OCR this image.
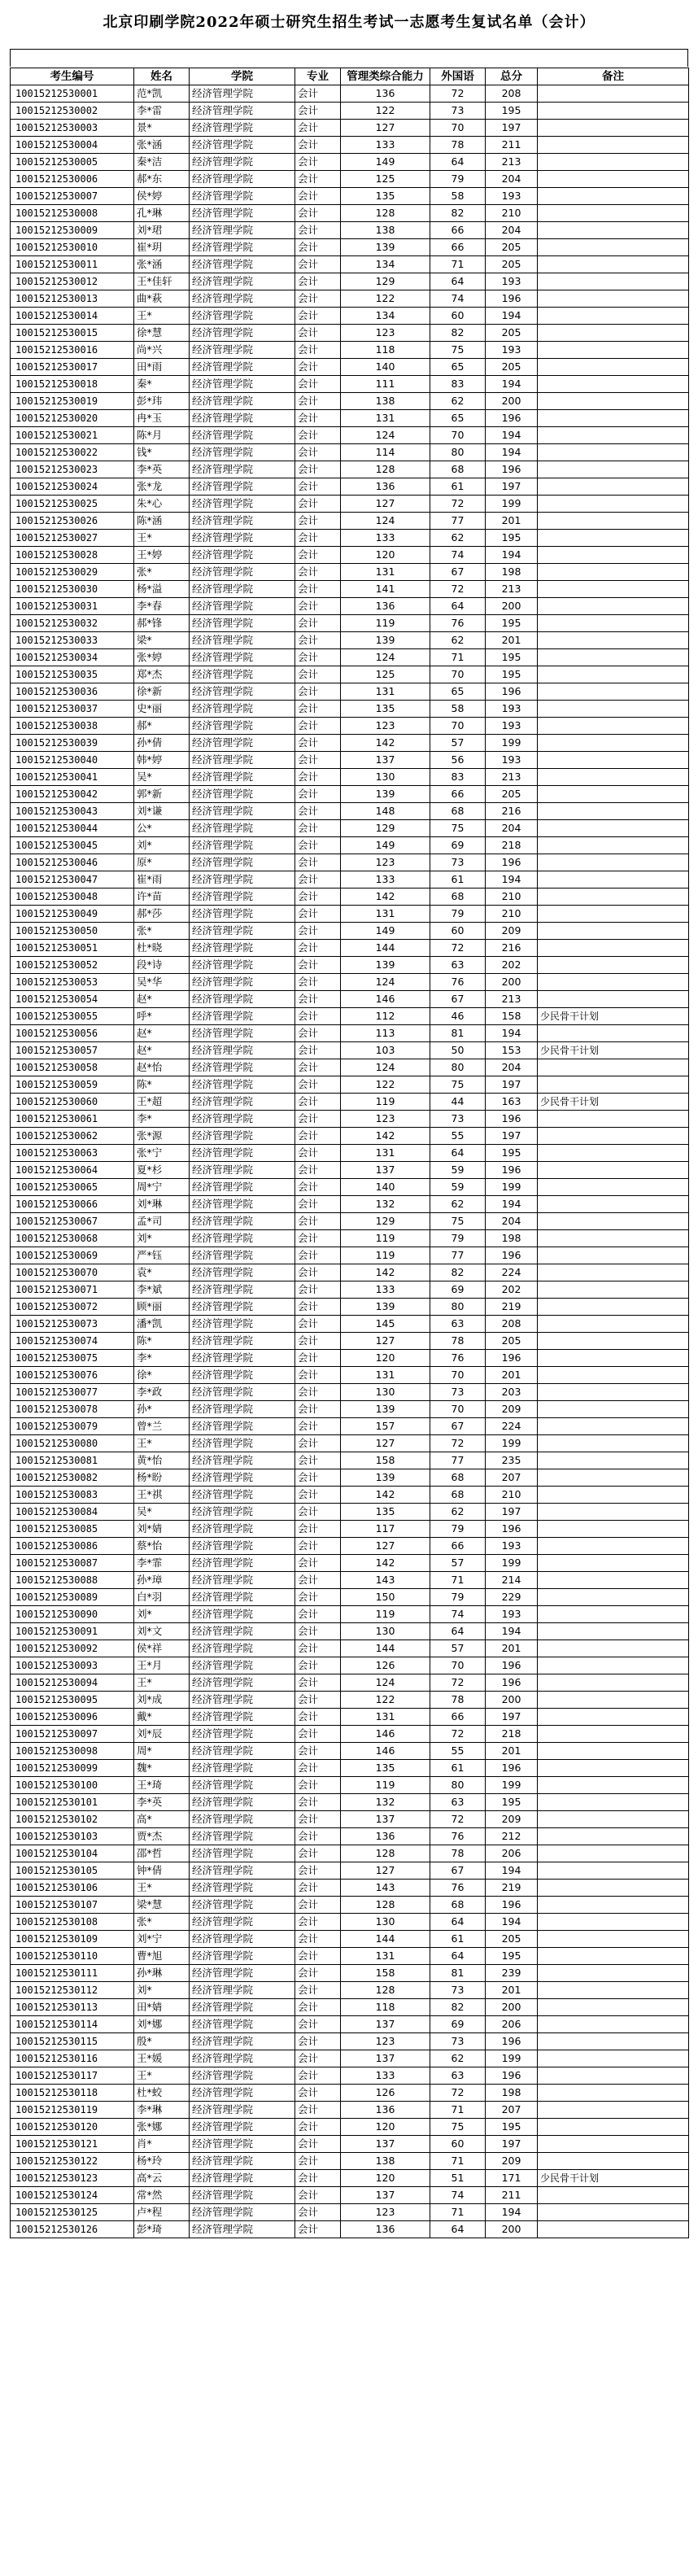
北京印刷学院2022年硕士研究生招生考试一志愿考生复试名单（会计）
考生编号	姓名	学院	专业	管理类综合能力	外国语	总分	备注
10015212530001	范*凯	经济管理学院	会计	136	72	208	
10015212530002	李*雷	经济管理学院	会计	122	73	195	
10015212530003	景*	经济管理学院	会计	127	70	197	
10015212530004	张*涵	经济管理学院	会计	133	78	211	
10015212530005	秦*洁	经济管理学院	会计	149	64	213	
10015212530006	郝*东	经济管理学院	会计	125	79	204	
10015212530007	侯*婷	经济管理学院	会计	135	58	193	
10015212530008	孔*琳	经济管理学院	会计	128	82	210	
10015212530009	刘*珺	经济管理学院	会计	138	66	204	
10015212530010	崔*玥	经济管理学院	会计	139	66	205	
10015212530011	张*涵	经济管理学院	会计	134	71	205	
10015212530012	王*佳轩	经济管理学院	会计	129	64	193	
10015212530013	曲*萩	经济管理学院	会计	122	74	196	
10015212530014	王*	经济管理学院	会计	134	60	194	
10015212530015	徐*慧	经济管理学院	会计	123	82	205	
10015212530016	尚*兴	经济管理学院	会计	118	75	193	
10015212530017	田*雨	经济管理学院	会计	140	65	205	
10015212530018	秦*	经济管理学院	会计	111	83	194	
10015212530019	彭*玮	经济管理学院	会计	138	62	200	
10015212530020	冉*玉	经济管理学院	会计	131	65	196	
10015212530021	陈*月	经济管理学院	会计	124	70	194	
10015212530022	钱*	经济管理学院	会计	114	80	194	
10015212530023	李*英	经济管理学院	会计	128	68	196	
10015212530024	张*龙	经济管理学院	会计	136	61	197	
10015212530025	朱*心	经济管理学院	会计	127	72	199	
10015212530026	陈*涵	经济管理学院	会计	124	77	201	
10015212530027	王*	经济管理学院	会计	133	62	195	
10015212530028	王*婷	经济管理学院	会计	120	74	194	
10015212530029	张*	经济管理学院	会计	131	67	198	
10015212530030	杨*溢	经济管理学院	会计	141	72	213	
10015212530031	李*春	经济管理学院	会计	136	64	200	
10015212530032	郝*锋	经济管理学院	会计	119	76	195	
10015212530033	梁*	经济管理学院	会计	139	62	201	
10015212530034	张*婷	经济管理学院	会计	124	71	195	
10015212530035	郑*杰	经济管理学院	会计	125	70	195	
10015212530036	徐*新	经济管理学院	会计	131	65	196	
10015212530037	史*丽	经济管理学院	会计	135	58	193	
10015212530038	郝*	经济管理学院	会计	123	70	193	
10015212530039	孙*倩	经济管理学院	会计	142	57	199	
10015212530040	韩*婷	经济管理学院	会计	137	56	193	
10015212530041	吴*	经济管理学院	会计	130	83	213	
10015212530042	郭*新	经济管理学院	会计	139	66	205	
10015212530043	刘*谦	经济管理学院	会计	148	68	216	
10015212530044	公*	经济管理学院	会计	129	75	204	
10015212530045	刘*	经济管理学院	会计	149	69	218	
10015212530046	原*	经济管理学院	会计	123	73	196	
10015212530047	崔*雨	经济管理学院	会计	133	61	194	
10015212530048	许*苗	经济管理学院	会计	142	68	210	
10015212530049	郝*莎	经济管理学院	会计	131	79	210	
10015212530050	张*	经济管理学院	会计	149	60	209	
10015212530051	杜*晓	经济管理学院	会计	144	72	216	
10015212530052	段*诗	经济管理学院	会计	139	63	202	
10015212530053	吴*华	经济管理学院	会计	124	76	200	
10015212530054	赵*	经济管理学院	会计	146	67	213	
10015212530055	呼*	经济管理学院	会计	112	46	158	少民骨干计划
10015212530056	赵*	经济管理学院	会计	113	81	194	
10015212530057	赵*	经济管理学院	会计	103	50	153	少民骨干计划
10015212530058	赵*怡	经济管理学院	会计	124	80	204	
10015212530059	陈*	经济管理学院	会计	122	75	197	
10015212530060	王*超	经济管理学院	会计	119	44	163	少民骨干计划
10015212530061	李*	经济管理学院	会计	123	73	196	
10015212530062	张*源	经济管理学院	会计	142	55	197	
10015212530063	张*宁	经济管理学院	会计	131	64	195	
10015212530064	夏*杉	经济管理学院	会计	137	59	196	
10015212530065	周*宁	经济管理学院	会计	140	59	199	
10015212530066	刘*琳	经济管理学院	会计	132	62	194	
10015212530067	孟*司	经济管理学院	会计	129	75	204	
10015212530068	刘*	经济管理学院	会计	119	79	198	
10015212530069	严*钰	经济管理学院	会计	119	77	196	
10015212530070	袁*	经济管理学院	会计	142	82	224	
10015212530071	李*斌	经济管理学院	会计	133	69	202	
10015212530072	顾*丽	经济管理学院	会计	139	80	219	
10015212530073	潘*凯	经济管理学院	会计	145	63	208	
10015212530074	陈*	经济管理学院	会计	127	78	205	
10015212530075	李*	经济管理学院	会计	120	76	196	
10015212530076	徐*	经济管理学院	会计	131	70	201	
10015212530077	李*政	经济管理学院	会计	130	73	203	
10015212530078	孙*	经济管理学院	会计	139	70	209	
10015212530079	曾*兰	经济管理学院	会计	157	67	224	
10015212530080	王*	经济管理学院	会计	127	72	199	
10015212530081	黄*怡	经济管理学院	会计	158	77	235	
10015212530082	杨*盼	经济管理学院	会计	139	68	207	
10015212530083	王*祺	经济管理学院	会计	142	68	210	
10015212530084	吴*	经济管理学院	会计	135	62	197	
10015212530085	刘*婧	经济管理学院	会计	117	79	196	
10015212530086	蔡*怡	经济管理学院	会计	127	66	193	
10015212530087	李*霏	经济管理学院	会计	142	57	199	
10015212530088	孙*璋	经济管理学院	会计	143	71	214	
10015212530089	白*羽	经济管理学院	会计	150	79	229	
10015212530090	刘*	经济管理学院	会计	119	74	193	
10015212530091	刘*文	经济管理学院	会计	130	64	194	
10015212530092	侯*祥	经济管理学院	会计	144	57	201	
10015212530093	王*月	经济管理学院	会计	126	70	196	
10015212530094	王*	经济管理学院	会计	124	72	196	
10015212530095	刘*成	经济管理学院	会计	122	78	200	
10015212530096	戴*	经济管理学院	会计	131	66	197	
10015212530097	刘*辰	经济管理学院	会计	146	72	218	
10015212530098	周*	经济管理学院	会计	146	55	201	
10015212530099	魏*	经济管理学院	会计	135	61	196	
10015212530100	王*琦	经济管理学院	会计	119	80	199	
10015212530101	李*英	经济管理学院	会计	132	63	195	
10015212530102	高*	经济管理学院	会计	137	72	209	
10015212530103	贾*杰	经济管理学院	会计	136	76	212	
10015212530104	邵*哲	经济管理学院	会计	128	78	206	
10015212530105	钟*倩	经济管理学院	会计	127	67	194	
10015212530106	王*	经济管理学院	会计	143	76	219	
10015212530107	梁*慧	经济管理学院	会计	128	68	196	
10015212530108	张*	经济管理学院	会计	130	64	194	
10015212530109	刘*宁	经济管理学院	会计	144	61	205	
10015212530110	曹*旭	经济管理学院	会计	131	64	195	
10015212530111	孙*琳	经济管理学院	会计	158	81	239	
10015212530112	刘*	经济管理学院	会计	128	73	201	
10015212530113	田*婧	经济管理学院	会计	118	82	200	
10015212530114	刘*娜	经济管理学院	会计	137	69	206	
10015212530115	殷*	经济管理学院	会计	123	73	196	
10015212530116	王*媛	经济管理学院	会计	137	62	199	
10015212530117	王*	经济管理学院	会计	133	63	196	
10015212530118	杜*蛟	经济管理学院	会计	126	72	198	
10015212530119	李*琳	经济管理学院	会计	136	71	207	
10015212530120	张*娜	经济管理学院	会计	120	75	195	
10015212530121	肖*	经济管理学院	会计	137	60	197	
10015212530122	杨*玲	经济管理学院	会计	138	71	209	
10015212530123	高*云	经济管理学院	会计	120	51	171	少民骨干计划
10015212530124	常*然	经济管理学院	会计	137	74	211	
10015212530125	卢*程	经济管理学院	会计	123	71	194	
10015212530126	彭*琦	经济管理学院	会计	136	64	200	
